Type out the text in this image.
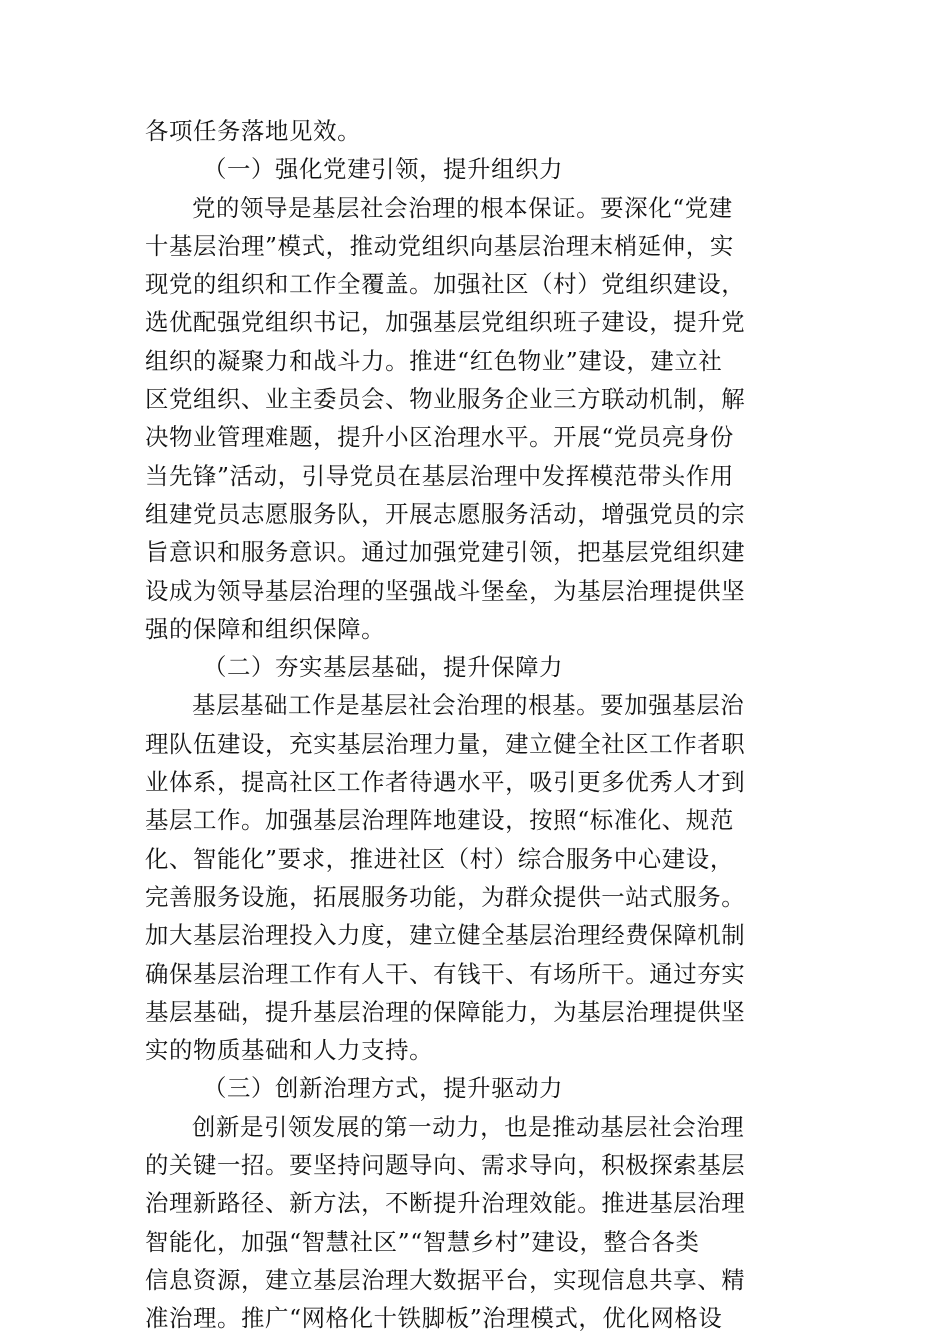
各项任务落地见效。
（一）强化党建引领，提升组织力
党的领导是基层社会治理的根本保证。要深化“党建
十基层治理”模式，推动党组织向基层治理末梢延伸，实
现党的组织和工作全覆盖。加强社区（村）党组织建设，
选优配强党组织书记，加强基层党组织班子建设，提升党
组织的凝聚力和战斗力。推进“红色物业”建设，建立社
区党组织、业主委员会、物业服务企业三方联动机制，解
决物业管理难题，提升小区治理水平。开展“党员亮身份
当先锋”活动，引导党员在基层治理中发挥模范带头作用
组建党员志愿服务队，开展志愿服务活动，增强党员的宗
旨意识和服务意识。通过加强党建引领，把基层党组织建
设成为领导基层治理的坚强战斗堡垒，为基层治理提供坚
强的保障和组织保障。
（二）夯实基层基础，提升保障力
基层基础工作是基层社会治理的根基。要加强基层治
理队伍建设，充实基层治理力量，建立健全社区工作者职
业体系，提高社区工作者待遇水平，吸引更多优秀人才到
基层工作。加强基层治理阵地建设，按照“标准化、规范
化、智能化”要求，推进社区（村）综合服务中心建设，
完善服务设施，拓展服务功能，为群众提供一站式服务。
加大基层治理投入力度，建立健全基层治理经费保障机制
确保基层治理工作有人干、有钱干、有场所干。通过夯实
基层基础，提升基层治理的保障能力，为基层治理提供坚
实的物质基础和人力支持。
（三）创新治理方式，提升驱动力
创新是引领发展的第一动力，也是推动基层社会治理
的关键一招。要坚持问题导向、需求导向，积极探索基层
治理新路径、新方法，不断提升治理效能。推进基层治理
智能化，加强“智慧社区”“智慧乡村”建设，整合各类
信息资源，建立基层治理大数据平台，实现信息共享、精
准治理。推广“网格化十铁脚板”治理模式，优化网格设
